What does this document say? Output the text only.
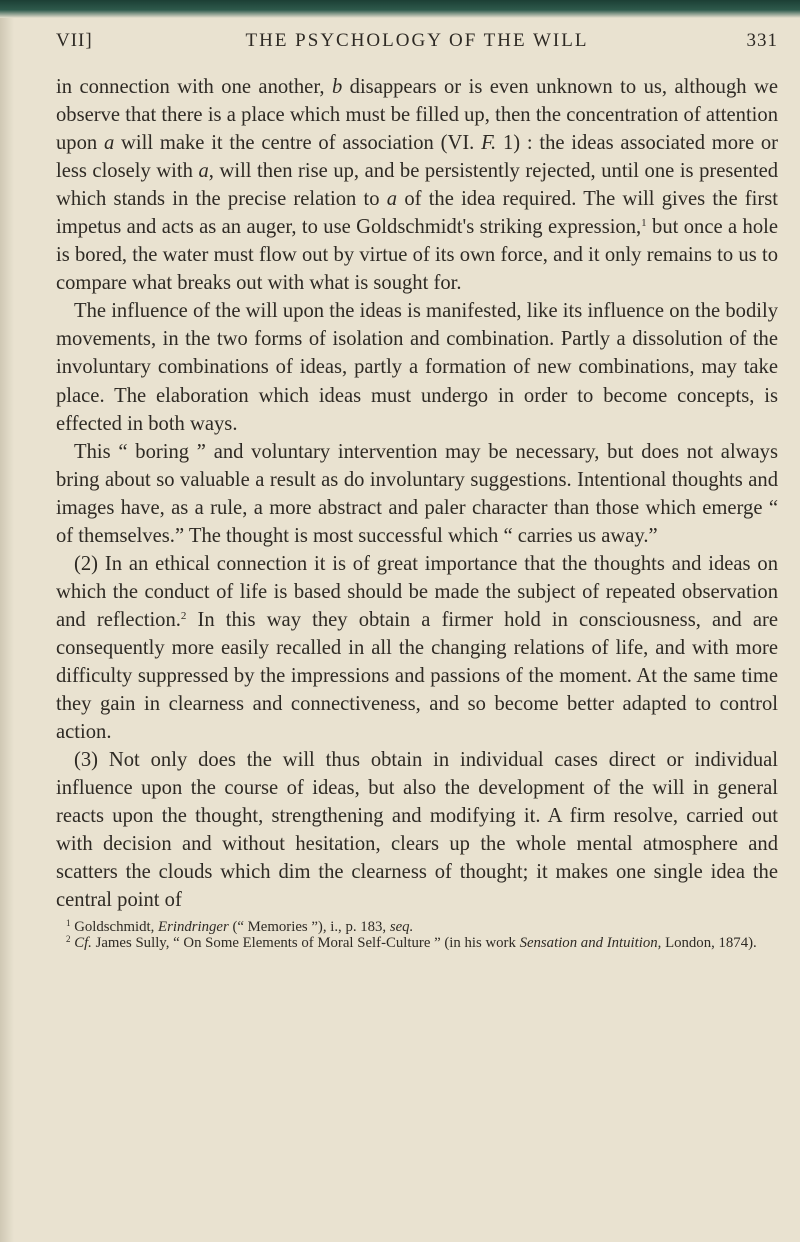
VII]	THE PSYCHOLOGY OF THE WILL	331

in connection with one another, b disappears or is even unknown to us, although we observe that there is a place which must be filled up, then the concentration of attention upon a will make it the centre of association (VI. F. 1) : the ideas associated more or less closely with a, will then rise up, and be persistently rejected, until one is presented which stands in the precise relation to a of the idea required. The will gives the first impetus and acts as an auger, to use Goldschmidt's striking expression,$^1$ but once a hole is bored, the water must flow out by virtue of its own force, and it only remains to us to compare what breaks out with what is sought for.

The influence of the will upon the ideas is manifested, like its influence on the bodily movements, in the two forms of isolation and combination. Partly a dissolution of the involuntary combinations of ideas, partly a formation of new combinations, may take place. The elaboration which ideas must undergo in order to become concepts, is effected in both ways.

This “ boring ” and voluntary intervention may be necessary, but does not always bring about so valuable a result as do involuntary suggestions. Intentional thoughts and images have, as a rule, a more abstract and paler character than those which emerge “ of themselves.” The thought is most successful which “ carries us away.”

(2) In an ethical connection it is of great importance that the thoughts and ideas on which the conduct of life is based should be made the subject of repeated observation and reflection.$^2$ In this way they obtain a firmer hold in consciousness, and are consequently more easily recalled in all the changing relations of life, and with more difficulty suppressed by the impressions and passions of the moment. At the same time they gain in clearness and connectiveness, and so become better adapted to control action.

(3) Not only does the will thus obtain in individual cases direct or individual influence upon the course of ideas, but also the development of the will in general reacts upon the thought, strengthening and modifying it. A firm resolve, carried out with decision and without hesitation, clears up the whole mental atmosphere and scatters the clouds which dim the clearness of thought; it makes one single idea the central point of

$^1$ Goldschmidt, Erindringer (“ Memories ”), i., p. 183, seq.

$^2$ Cf. James Sully, “ On Some Elements of Moral Self-Culture ” (in his work Sensation and Intuition, London, 1874).
